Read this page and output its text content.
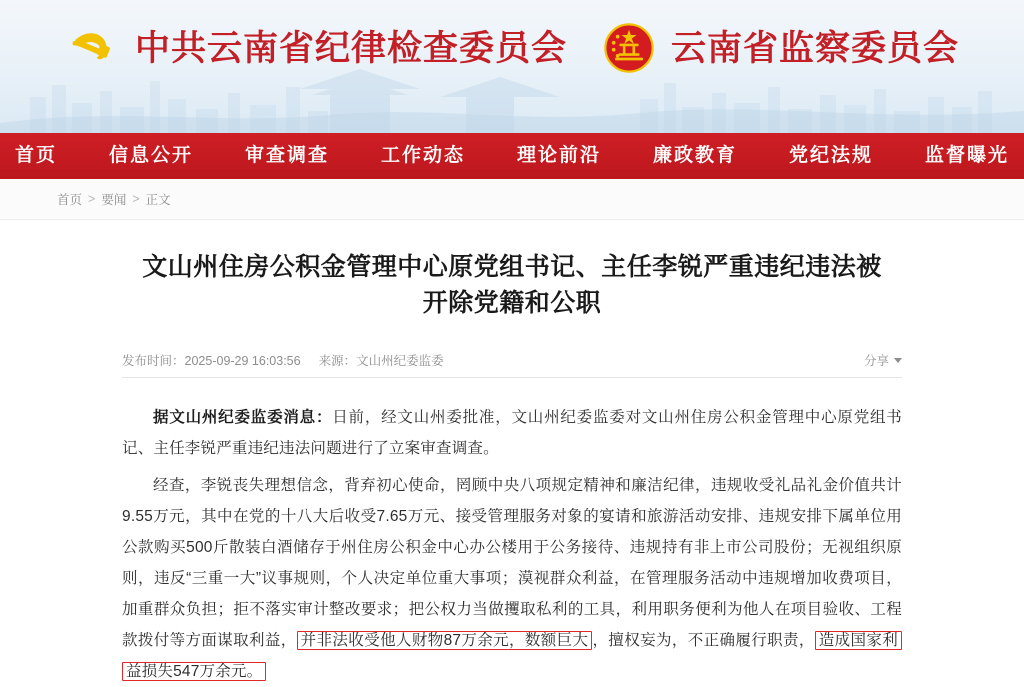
中共云南省纪律检查委员会	云南省监察委员会
首页	信息公开	审查调查	工作动态	理论前沿	廉政教育	党纪法规	监督曝光
首页 > 要闻 > 正文
文山州住房公积金管理中心原党组书记、主任李锐严重违纪违法被开除党籍和公职
发布时间：2025-09-29 16:03:56 来源：文山州纪委监委	分享

据文山州纪委监委消息：日前，经文山州委批准，文山州纪委监委对文山州住房公积金管理中心原党组书记、主任李锐严重违纪违法问题进行了立案审查调查。

经查，李锐丧失理想信念，背弃初心使命，罔顾中央八项规定精神和廉洁纪律，违规收受礼品礼金价值共计9.55万元，其中在党的十八大后收受7.65万元、接受管理服务对象的宴请和旅游活动安排、违规安排下属单位用公款购买500斤散装白酒储存于州住房公积金中心办公楼用于公务接待、违规持有非上市公司股份；无视组织原则，违反“三重一大”议事规则，个人决定单位重大事项；漠视群众利益，在管理服务活动中违规增加收费项目，加重群众负担；拒不落实审计整改要求；把公权力当做攫取私利的工具，利用职务便利为他人在项目验收、工程款拨付等方面谋取利益， 并非法收受他人财物87万余元，数额巨大 ，擅权妄为，不正确履行职责， 造成国家利益损失547万余元。
